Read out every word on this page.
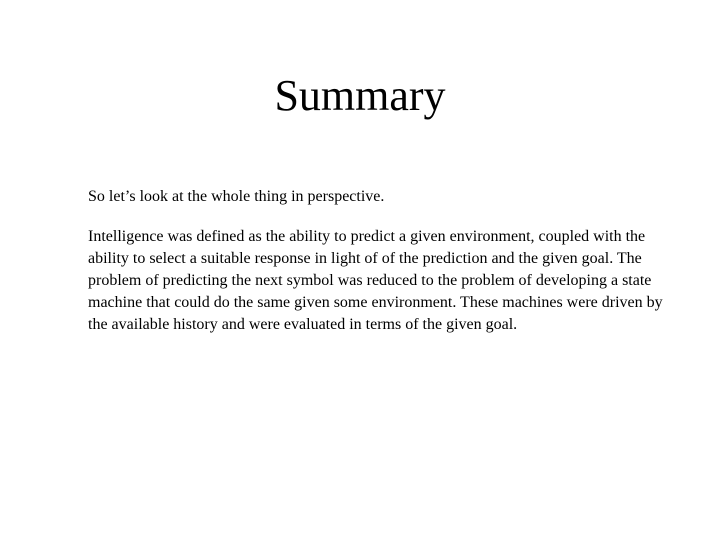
Summary

So let’s look at the whole thing in perspective.

Intelligence was defined as the ability to predict a given environment, coupled with the ability to select a suitable response in light of of the prediction and the given goal. The problem of predicting the next symbol was reduced to the problem of developing a state machine that could do the same given some environment. These machines were driven by the available history and were evaluated in terms of the given goal.
